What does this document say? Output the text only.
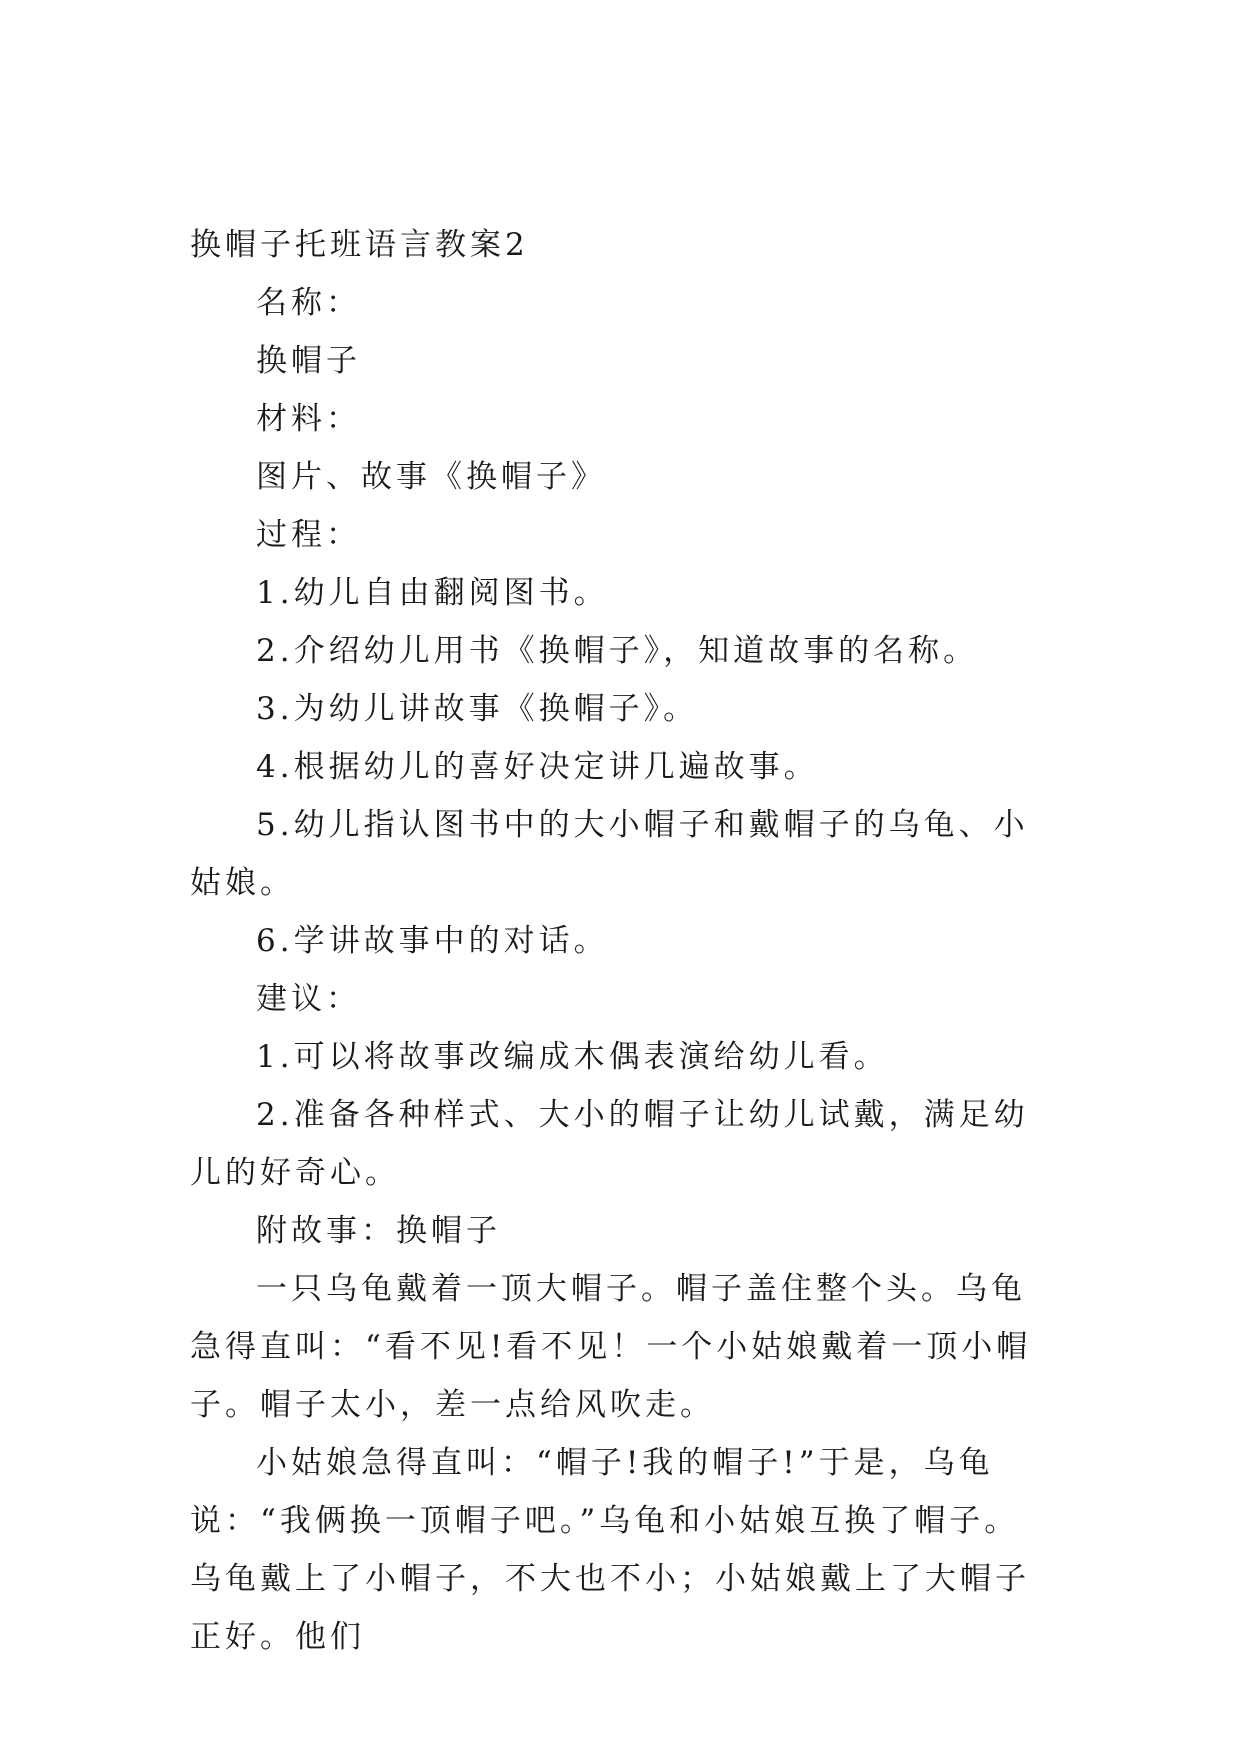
换帽子托班语言教案2

名称：

换帽子

材料：

图片、故事《换帽子》

过程：

1.幼儿自由翻阅图书。

2.介绍幼儿用书《换帽子》，知道故事的名称。

3.为幼儿讲故事《换帽子》。

4.根据幼儿的喜好决定讲几遍故事。

5.幼儿指认图书中的大小帽子和戴帽子的乌龟、小姑娘。

6.学讲故事中的对话。

建议：

1.可以将故事改编成木偶表演给幼儿看。

2.准备各种样式、大小的帽子让幼儿试戴，满足幼儿的好奇心。

附故事：换帽子

一只乌龟戴着一顶大帽子。帽子盖住整个头。乌龟急得直叫：“看不见!看不见！一个小姑娘戴着一顶小帽子。帽子太小，差一点给风吹走。

小姑娘急得直叫：“帽子!我的帽子!”于是，乌龟说：“我俩换一顶帽子吧。”乌龟和小姑娘互换了帽子。乌龟戴上了小帽子，不大也不小；小姑娘戴上了大帽子正好。他们
